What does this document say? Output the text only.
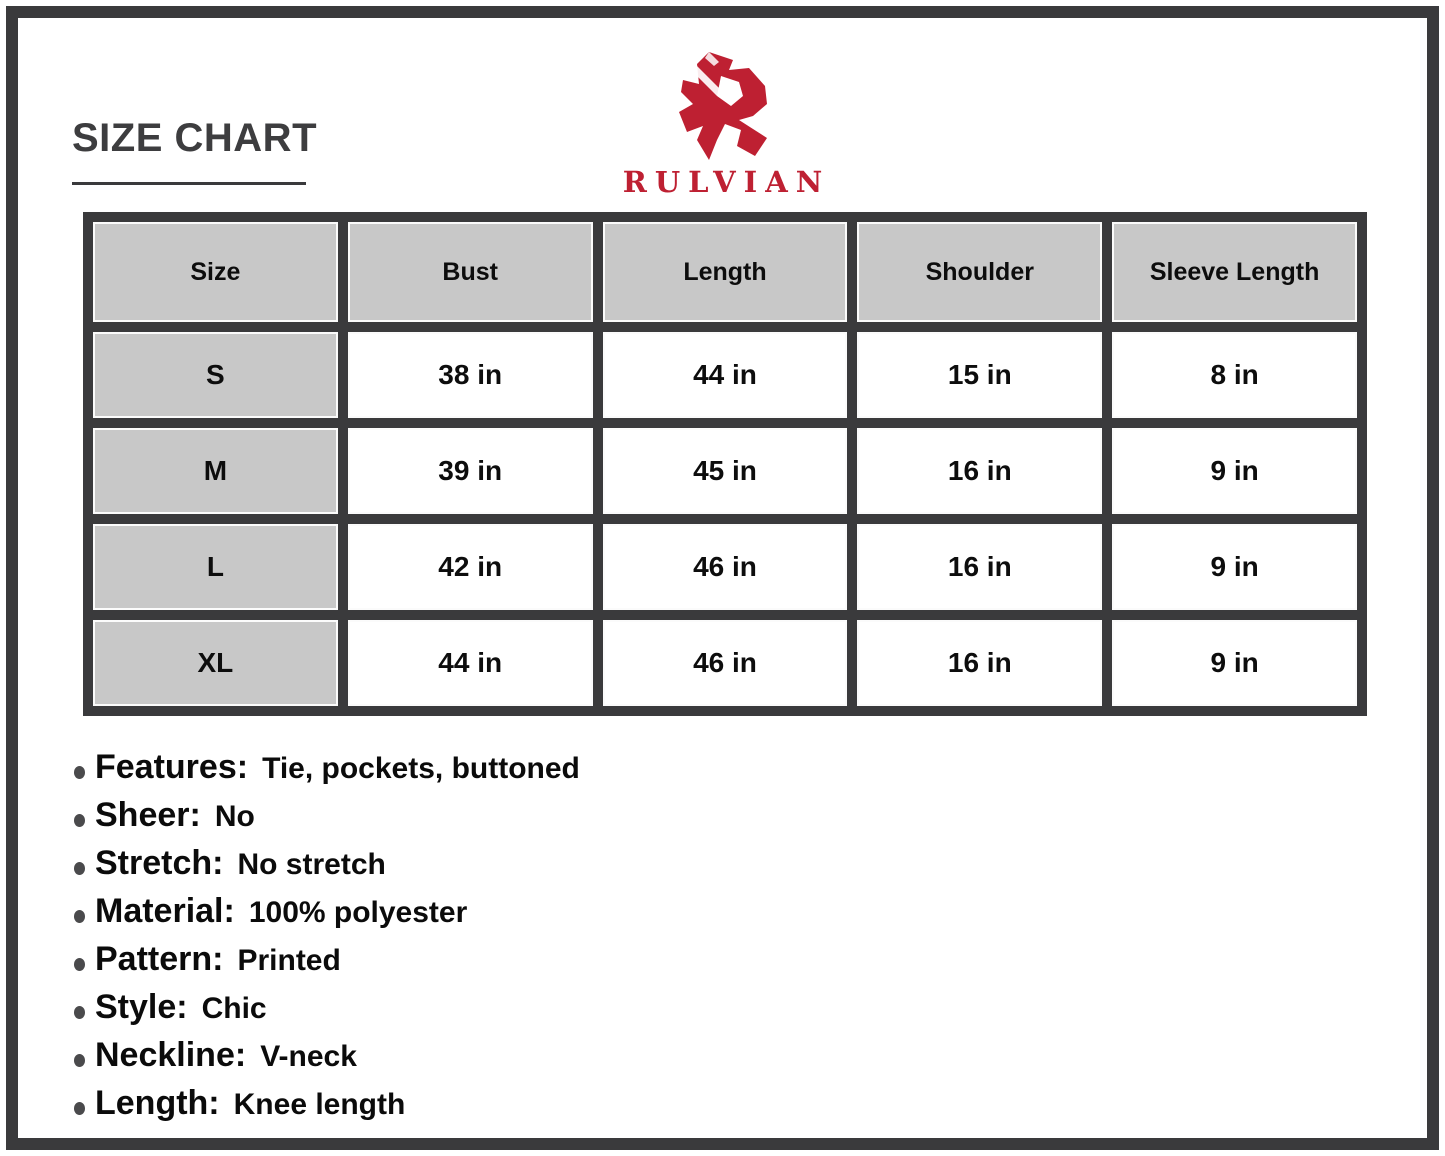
SIZE CHART
RULVIAN
Size	Bust	Length	Shoulder	Sleeve Length
S	38 in	44 in	15 in	8 in
M	39 in	45 in	16 in	9 in
L	42 in	46 in	16 in	9 in
XL	44 in	46 in	16 in	9 in
Features: Tie, pockets, buttoned
Sheer: No
Stretch: No stretch
Material: 100% polyester
Pattern: Printed
Style: Chic
Neckline: V-neck
Length: Knee length
